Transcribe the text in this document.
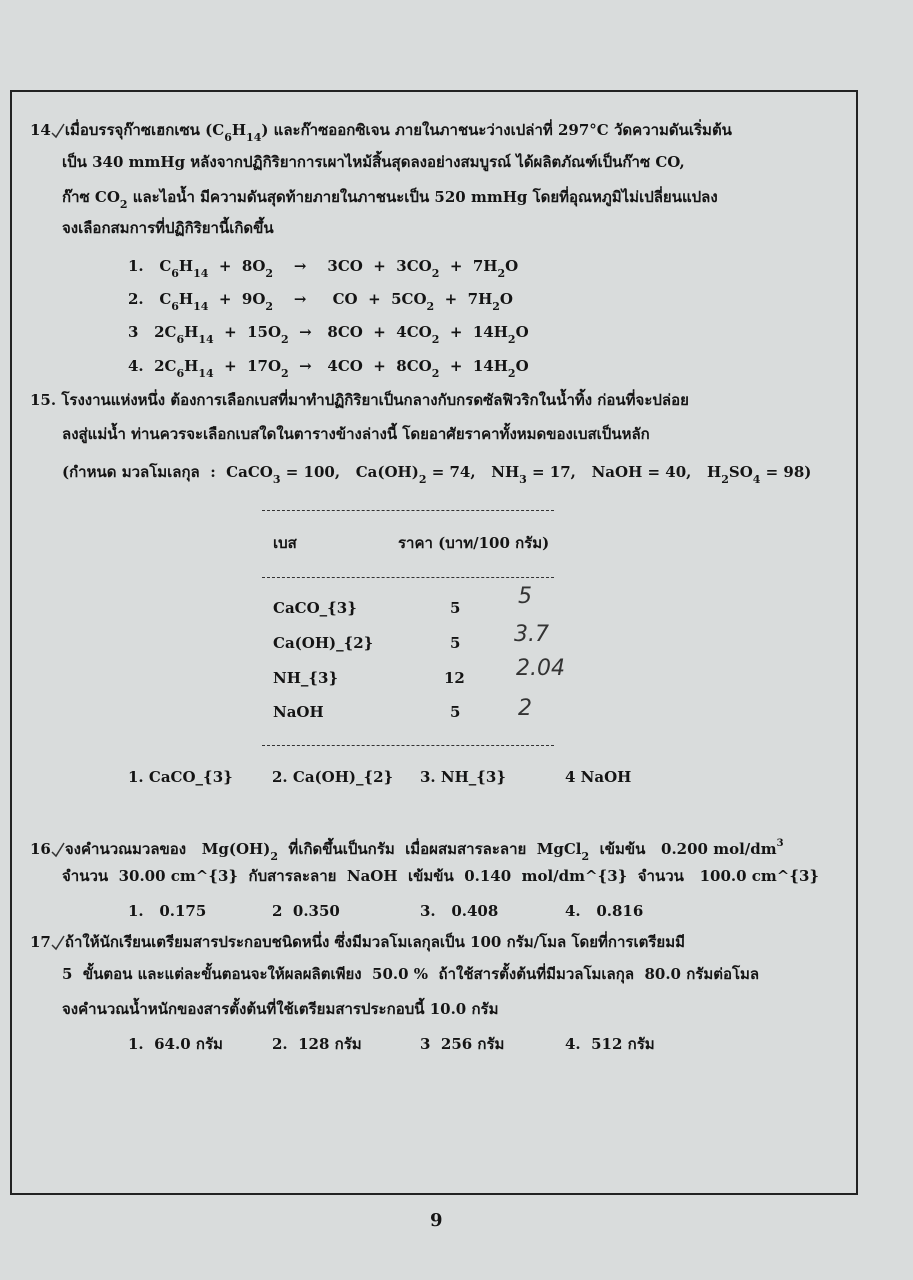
14 เมื่อบรรจุก๊าซเฮกเซน $(C_6H_{14})$ และก๊าซออกซิเจน ภายในภาชนะว่างเปล่าที่ 297°C วัดความดันเริ่มต้น
เป็น 340 mmHg หลังจากปฏิกิริยาการเผาไหม้สิ้นสุดลงอย่างสมบูรณ์ ได้ผลิตภัณฑ์เป็นก๊าซ CO,
ก๊าซ $CO_2$ และไอน้ำ มีความดันสุดท้ายภายในภาชนะเป็น 520 mmHg โดยที่อุณหภูมิไม่เปลี่ยนแปลง
จงเลือกสมการที่ปฏิกิริยานี้เกิดขึ้น
1.   $C_6H_{14} + 8O_2$    →    $3CO + 3CO_2 + 7H_2O$
2.   $C_6H_{14} + 9O_2$    →     CO  +  $5CO_2 + 7H_2O$
3   $2C_6H_{14} + 15O_2 \to 8CO + 4CO_2 + 14H_2O$
4.  $2C_6H_{14} + 17O_2 \to 4CO + 8CO_2 + 14H_2O$
15. โรงงานแห่งหนึ่ง ต้องการเลือกเบสที่มาทำปฏิกิริยาเป็นกลางกับกรดซัลฟิวริกในน้ำทิ้ง ก่อนที่จะปล่อย
ลงสู่แม่น้ำ ท่านควรจะเลือกเบสใดในตารางข้างล่างนี้ โดยอาศัยราคาทั้งหมดของเบสเป็นหลัก
(กำหนด มวลโมเลกุล  :  CaCO$_3$ = 100,   $Ca(OH)_2 = 74$,   $NH_3 = 17$,   NaOH = 40,   $H_2SO_4 = 98$)
เบส	ราคา (บาท/100 กรัม)
CaCO_{3}	5	5
Ca(OH)_{2}	5 3.7
NH_{3}	12 2.04
NaOH	5	2
1. CaCO_{3}	2. Ca(OH)_{2} 3. NH_{3}	4 NaOH
16 จงคำนวณมวลของ   $Mg(OH)_2$  ที่เกิดขึ้นเป็นกรัม  เมื่อผสมสารละลาย  MgCl$_2$  เข้มข้น   0.200 mol/$dm^3$
จำนวน  30.00 cm^{3}  กับสารละลาย  NaOH  เข้มข้น  0.140  mol/dm^{3}  จำนวน   100.0 cm^{3}
1.   0.175	2  0.350	3.   0.408	4.   0.816
17 ถ้าให้นักเรียนเตรียมสารประกอบชนิดหนึ่ง ซึ่งมีมวลโมเลกุลเป็น 100 กรัม/โมล โดยที่การเตรียมมี
5  ขั้นตอน และแต่ละขั้นตอนจะให้ผลผลิตเพียง  50.0 %  ถ้าใช้สารตั้งต้นที่มีมวลโมเลกุล  80.0 กรัมต่อโมล
จงคำนวณน้ำหนักของสารตั้งต้นที่ใช้เตรียมสารประกอบนี้ 10.0 กรัม
1.  64.0 กรัม	2.  128 กรัม	3  256 กรัม	4.  512 กรัม
9
